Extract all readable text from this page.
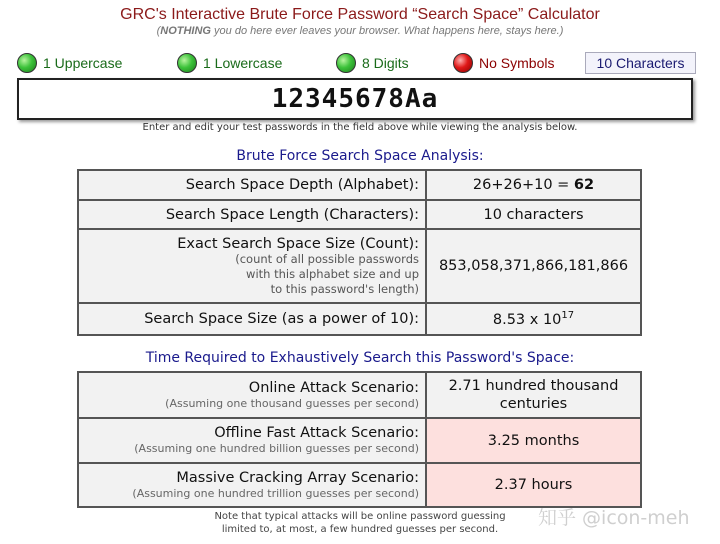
GRC's Interactive Brute Force Password “Search Space” Calculator
(NOTHING you do here ever leaves your browser. What happens here, stays here.)
1 Uppercase	1 Lowercase	8 Digits	No Symbols	10 Characters
12345678Aa
Enter and edit your test passwords in the field above while viewing the analysis below.
Brute Force Search Space Analysis:
Search Space Depth (Alphabet):	26+26+10 = 62
Search Space Length (Characters):	10 characters
Exact Search Space Size (Count):
(count of all possible passwords
with this alphabet size and up
to this password's length)	853,058,371,866,181,866
Search Space Size (as a power of 10):	8.53 x $10^{17}$
Time Required to Exhaustively Search this Password's Space:
Online Attack Scenario:
(Assuming one thousand guesses per second)	2.71 hundred thousand
centuries

Offline Fast Attack Scenario:
(Assuming one hundred billion guesses per second)	3.25 months
Massive Cracking Array Scenario:
(Assuming one hundred trillion guesses per second)	2.37 hours
Note that typical attacks will be online password guessing
limited to, at most, a few hundred guesses per second.
知乎 @icon-meh
